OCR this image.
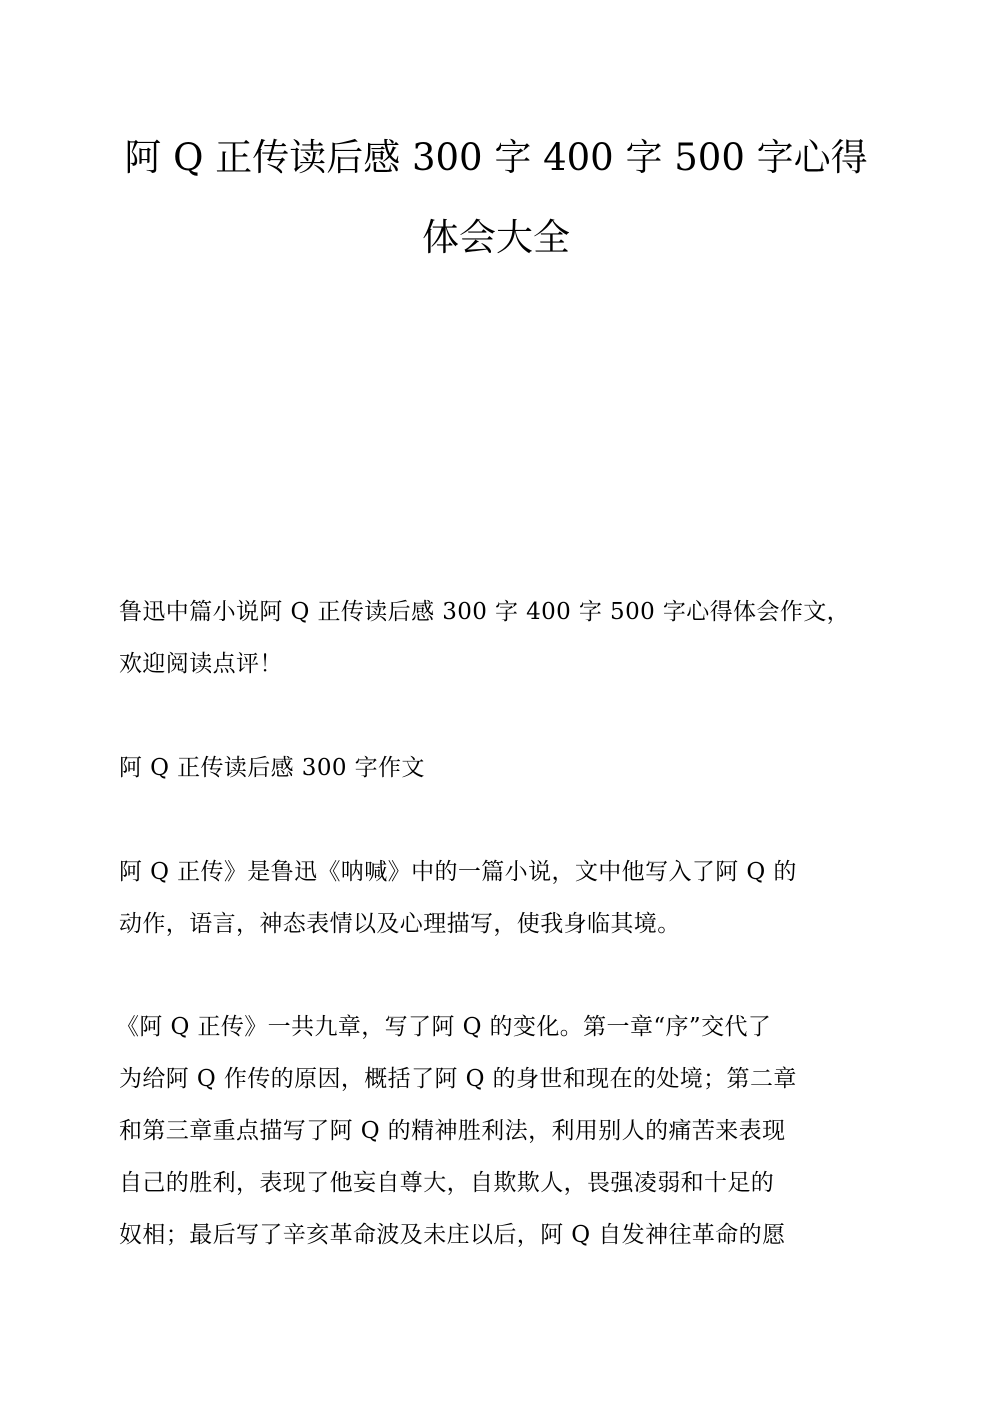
阿 Q 正传读后感 300 字 400 字 500 字心得
体会大全
鲁迅中篇小说阿 Q 正传读后感 300 字 400 字 500 字心得体会作文，
欢迎阅读点评！
阿 Q 正传读后感 300 字作文
阿 Q 正传》是鲁迅《呐喊》中的一篇小说，文中他写入了阿 Q 的
动作，语言，神态表情以及心理描写，使我身临其境。
《阿 Q 正传》一共九章，写了阿 Q 的变化。第一章“序”交代了
为给阿 Q 作传的原因，概括了阿 Q 的身世和现在的处境；第二章
和第三章重点描写了阿 Q 的精神胜利法，利用别人的痛苦来表现
自己的胜利，表现了他妄自尊大，自欺欺人，畏强凌弱和十足的
奴相；最后写了辛亥革命波及未庄以后，阿 Q 自发神往革命的愿
